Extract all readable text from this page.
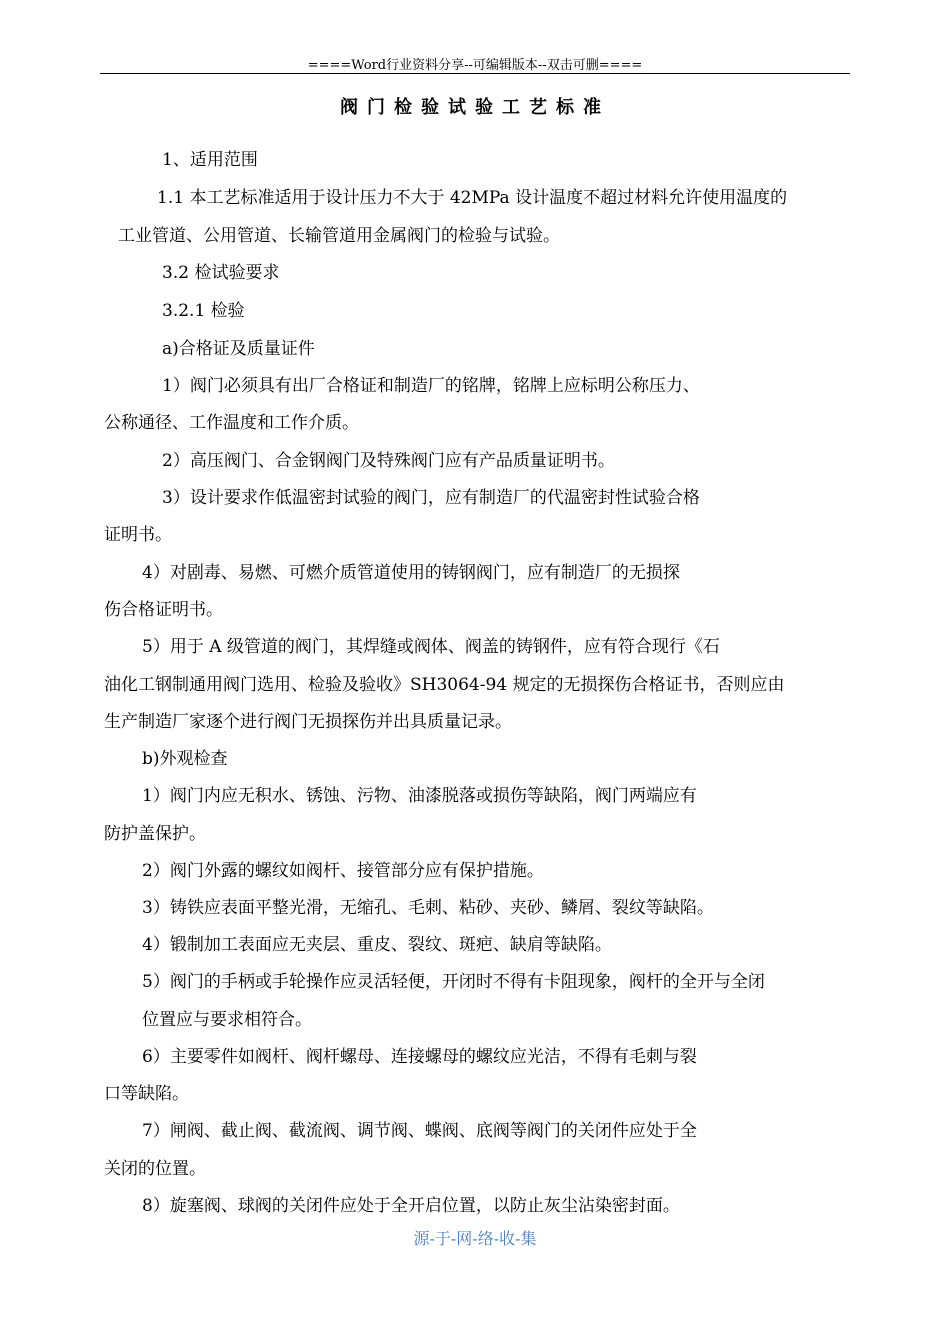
====Word行业资料分享--可编辑版本--双击可删====
阀门检验试验工艺标准
1、适用范围
1.1 本工艺标准适用于设计压力不大于 42MPa 设计温度不超过材料允许使用温度的
工业管道、公用管道、长输管道用金属阀门的检验与试验。
3.2 检试验要求
3.2.1 检验
a)合格证及质量证件
1）阀门必须具有出厂合格证和制造厂的铭牌，铭牌上应标明公称压力、
公称通径、工作温度和工作介质。
2）高压阀门、合金钢阀门及特殊阀门应有产品质量证明书。
3）设计要求作低温密封试验的阀门，应有制造厂的代温密封性试验合格
证明书。
4）对剧毒、易燃、可燃介质管道使用的铸钢阀门，应有制造厂的无损探
伤合格证明书。
5）用于 A 级管道的阀门，其焊缝或阀体、阀盖的铸钢件，应有符合现行《石
油化工钢制通用阀门选用、检验及验收》SH3064-94 规定的无损探伤合格证书，否则应由
生产制造厂家逐个进行阀门无损探伤并出具质量记录。
b)外观检查
1）阀门内应无积水、锈蚀、污物、油漆脱落或损伤等缺陷，阀门两端应有
防护盖保护。
2）阀门外露的螺纹如阀杆、接管部分应有保护措施。
3）铸铁应表面平整光滑，无缩孔、毛刺、粘砂、夹砂、鳞屑、裂纹等缺陷。
4）锻制加工表面应无夹层、重皮、裂纹、斑疤、缺肩等缺陷。
5）阀门的手柄或手轮操作应灵活轻便，开闭时不得有卡阻现象，阀杆的全开与全闭
位置应与要求相符合。
6）主要零件如阀杆、阀杆螺母、连接螺母的螺纹应光洁，不得有毛刺与裂
口等缺陷。
7）闸阀、截止阀、截流阀、调节阀、蝶阀、底阀等阀门的关闭件应处于全
关闭的位置。
8）旋塞阀、球阀的关闭件应处于全开启位置，以防止灰尘沾染密封面。
源-于-网-络-收-集
